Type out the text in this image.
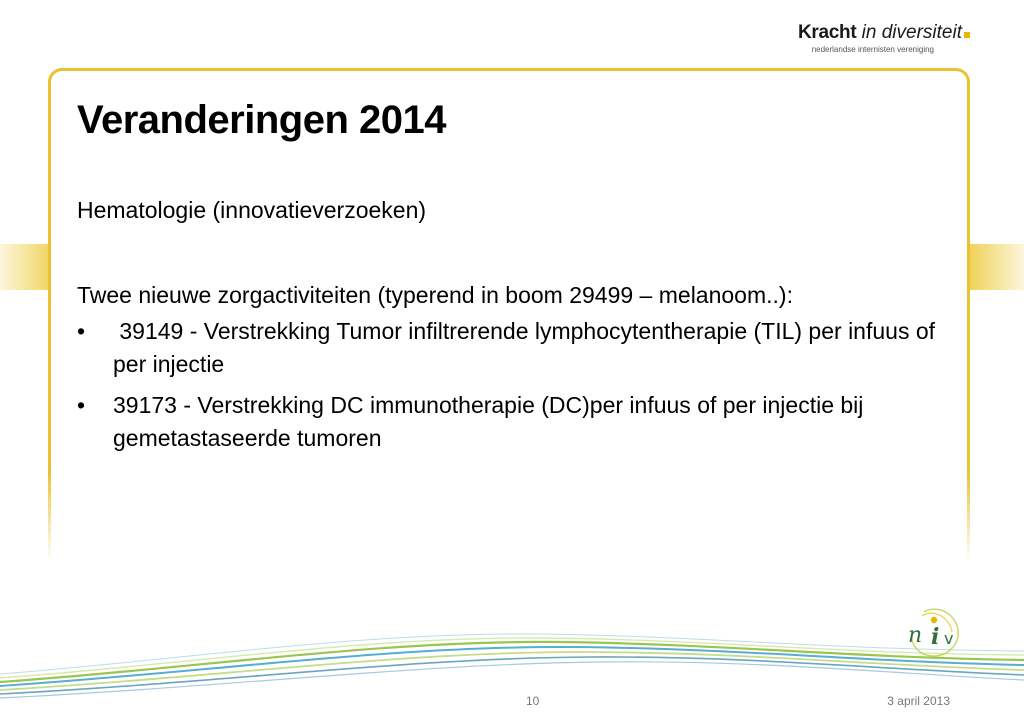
Kracht in diversiteit
nederlandse internisten vereniging
Veranderingen 2014

Hematologie (innovatieverzoeken)

Twee nieuwe zorgactiviteiten (typerend in boom 29499 – melanoom..):

• 39149 - Verstrekking Tumor infiltrerende lymphocytentherapie (TIL) per infuus of per injectie
• 39173 - Verstrekking DC immunotherapie (DC)per infuus of per injectie bij gemetastaseerde tumoren
n i v
10	3 april 2013
